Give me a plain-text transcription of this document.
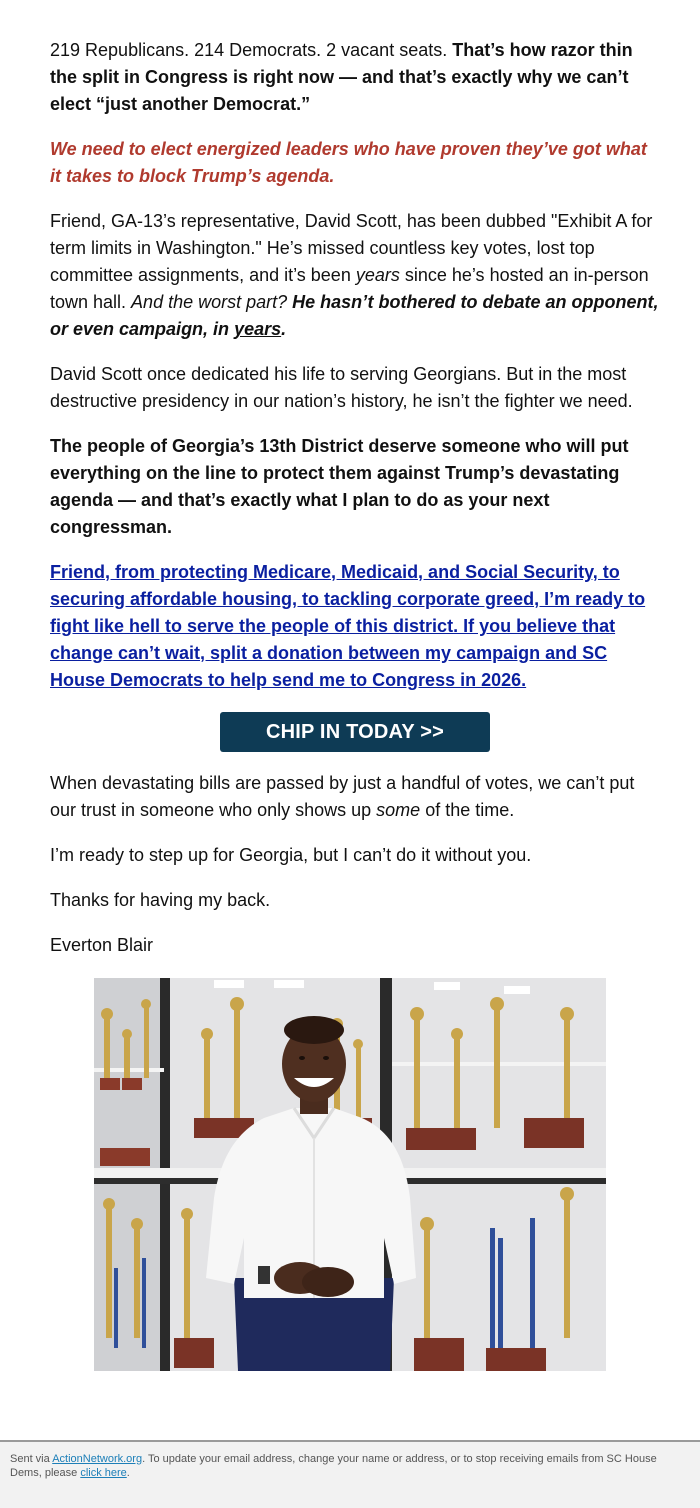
219 Republicans. 214 Democrats. 2 vacant seats. That’s how razor thin the split in Congress is right now — and that’s exactly why we can’t elect “just another Democrat.”

We need to elect energized leaders who have proven they’ve got what it takes to block Trump’s agenda.

Friend, GA-13’s representative, David Scott, has been dubbed "Exhibit A for term limits in Washington." He’s missed countless key votes, lost top committee assignments, and it’s been years since he’s hosted an in-person town hall. And the worst part? He hasn’t bothered to debate an opponent, or even campaign, in years.

David Scott once dedicated his life to serving Georgians. But in the most destructive presidency in our nation’s history, he isn’t the fighter we need.

The people of Georgia’s 13th District deserve someone who will put everything on the line to protect them against Trump’s devastating agenda — and that’s exactly what I plan to do as your next congressman.

Friend, from protecting Medicare, Medicaid, and Social Security, to securing affordable housing, to tackling corporate greed, I’m ready to fight like hell to serve the people of this district. If you believe that change can’t wait, split a donation between my campaign and SC House Democrats to help send me to Congress in 2026.

CHIP IN TODAY >>

When devastating bills are passed by just a handful of votes, we can’t put our trust in someone who only shows up some of the time.

I’m ready to step up for Georgia, but I can’t do it without you.

Thanks for having my back.

Everton Blair

Sent via ActionNetwork.org. To update your email address, change your name or address, or to stop receiving emails from SC House Dems, please click here.
